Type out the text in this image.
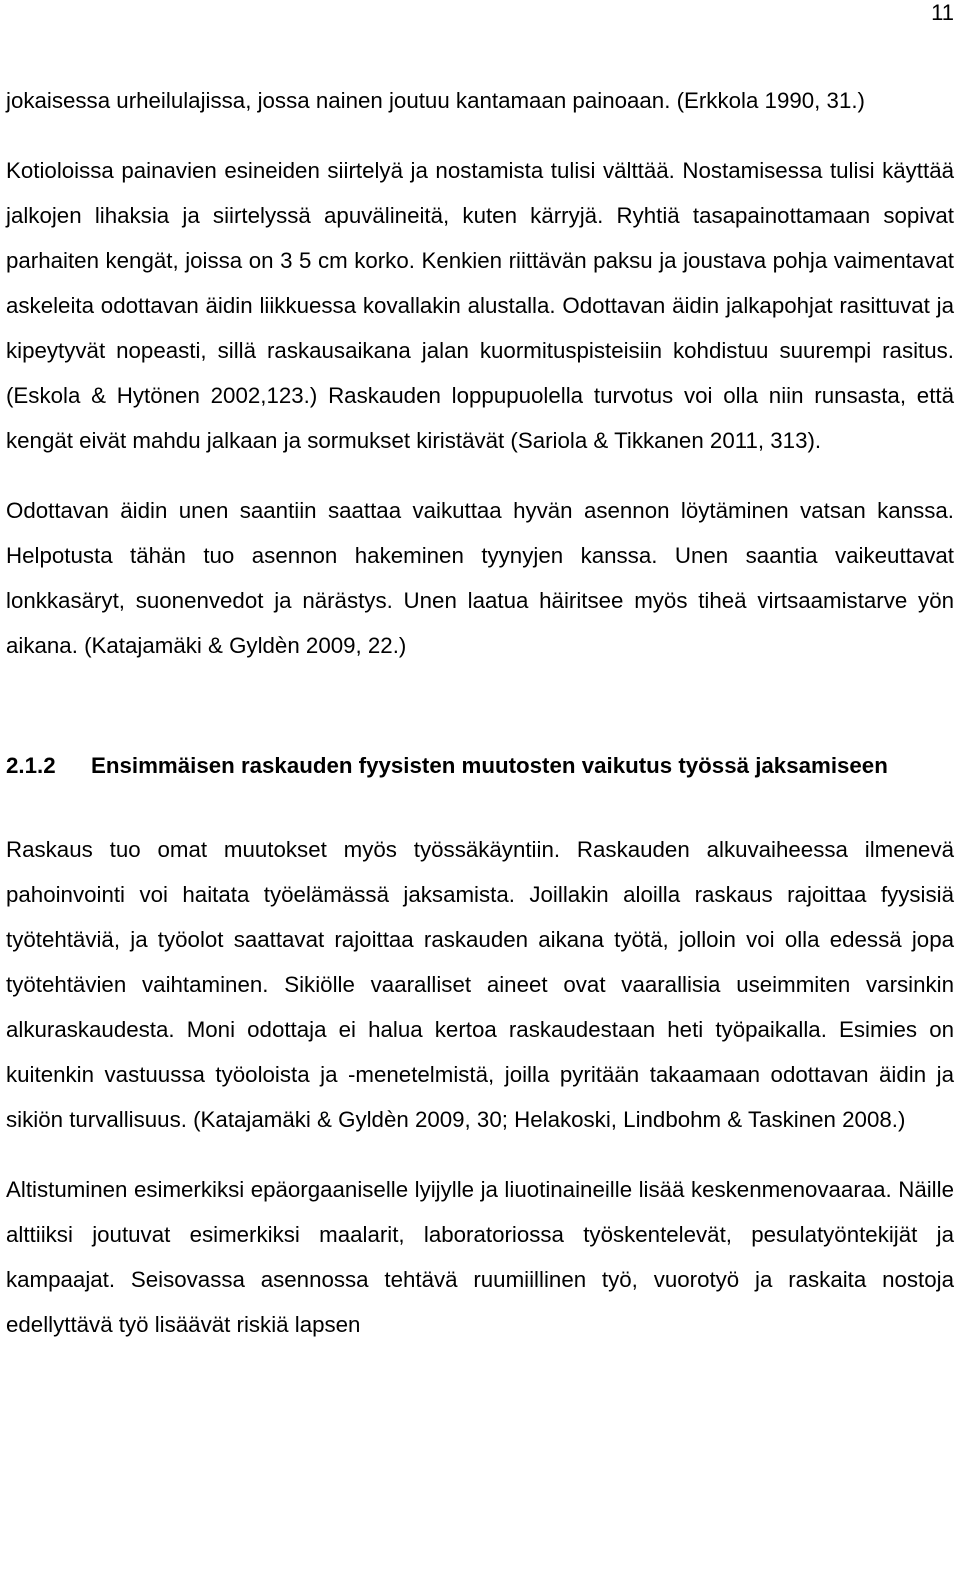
11

jokaisessa urheilulajissa, jossa nainen joutuu kantamaan painoaan. (Erkkola 1990, 31.)

Kotioloissa painavien esineiden siirtelyä ja nostamista tulisi välttää. Nostamisessa tulisi käyttää jalkojen lihaksia ja siirtelyssä apuvälineitä, kuten kärryjä. Ryhtiä tasapainottamaan sopivat parhaiten kengät, joissa on 3 5 cm korko. Kenkien riittävän paksu ja joustava pohja vaimentavat askeleita odottavan äidin liikkuessa kovallakin alustalla. Odottavan äidin jalkapohjat rasittuvat ja kipeytyvät nopeasti, sillä raskausaikana jalan kuormituspisteisiin kohdistuu suurempi rasitus. (Eskola & Hytönen 2002,123.) Raskauden loppupuolella turvotus voi olla niin runsasta, että kengät eivät mahdu jalkaan ja sormukset kiristävät (Sariola & Tikkanen 2011, 313).

Odottavan äidin unen saantiin saattaa vaikuttaa hyvän asennon löytäminen vatsan kanssa. Helpotusta tähän tuo asennon hakeminen tyynyjen kanssa. Unen saantia vaikeuttavat lonkkasäryt, suonenvedot ja närästys. Unen laatua häiritsee myös tiheä virtsaamistarve yön aikana. (Katajamäki & Gyldèn 2009, 22.)

2.1.2	Ensimmäisen raskauden fyysisten muutosten vaikutus työssä jaksamiseen

Raskaus tuo omat muutokset myös työssäkäyntiin. Raskauden alkuvaiheessa ilmenevä pahoinvointi voi haitata työelämässä jaksamista. Joillakin aloilla raskaus rajoittaa fyysisiä työtehtäviä, ja työolot saattavat rajoittaa raskauden aikana työtä, jolloin voi olla edessä jopa työtehtävien vaihtaminen. Sikiölle vaaralliset aineet ovat vaarallisia useimmiten varsinkin alkuraskaudesta. Moni odottaja ei halua kertoa raskaudestaan heti työpaikalla. Esimies on kuitenkin vastuussa työoloista ja -menetelmistä, joilla pyritään takaamaan odottavan äidin ja sikiön turvallisuus. (Katajamäki & Gyldèn 2009, 30; Helakoski, Lindbohm & Taskinen 2008.)

Altistuminen esimerkiksi epäorgaaniselle lyijylle ja liuotinaineille lisää keskenmenovaaraa. Näille alttiiksi joutuvat esimerkiksi maalarit, laboratoriossa työskentelevät, pesulatyöntekijät ja kampaajat. Seisovassa asennossa tehtävä ruumiillinen työ, vuorotyö ja raskaita nostoja edellyttävä työ lisäävät riskiä lapsen
